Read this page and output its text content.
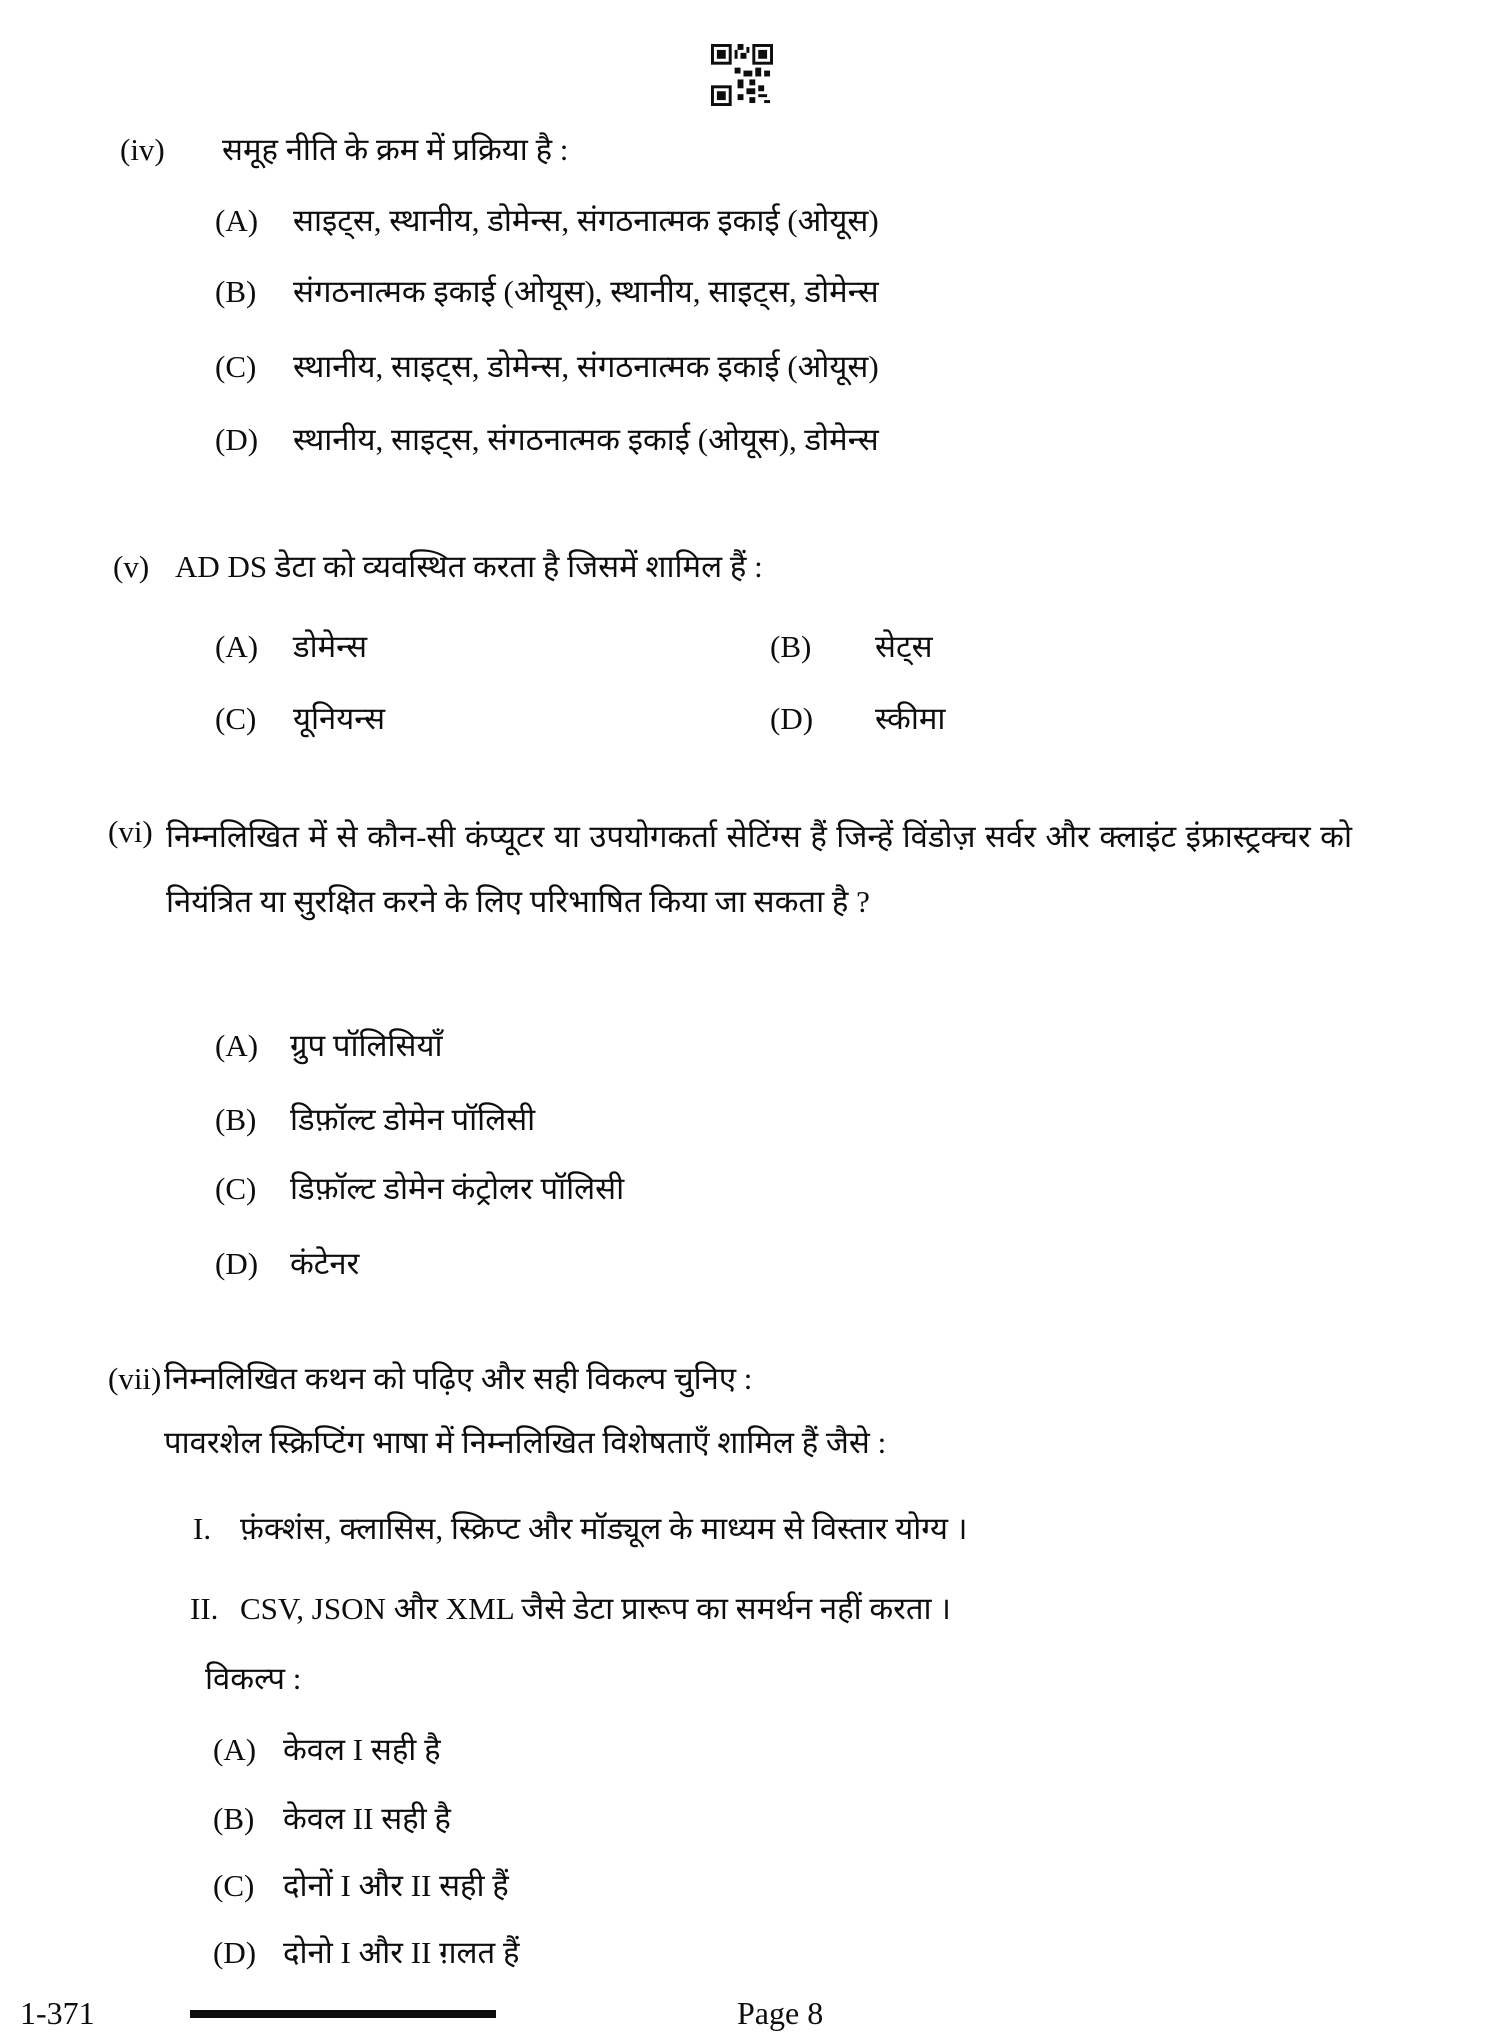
(iv) समूह नीति के क्रम में प्रक्रिया है :
(A) साइट्स, स्थानीय, डोमेन्स, संगठनात्मक इकाई (ओयूस)
(B) संगठनात्मक इकाई (ओयूस), स्थानीय, साइट्स, डोमेन्स
(C) स्थानीय, साइट्स, डोमेन्स, संगठनात्मक इकाई (ओयूस)
(D) स्थानीय, साइट्स, संगठनात्मक इकाई (ओयूस), डोमेन्स
(v) AD DS डेटा को व्यवस्थित करता है जिसमें शामिल हैं :
(A) डोमेन्स	(B) सेट्स
(C) यूनियन्स	(D) स्कीमा
(vi) निम्नलिखित में से कौन-सी कंप्यूटर या उपयोगकर्ता सेटिंग्स हैं जिन्हें विंडोज़ सर्वर और क्लाइंट इंफ्रास्ट्रक्चर को नियंत्रित या सुरक्षित करने के लिए परिभाषित किया जा सकता है ?
(A) ग्रुप पॉलिसियाँ
(B) डिफ़ॉल्ट डोमेन पॉलिसी
(C) डिफ़ॉल्ट डोमेन कंट्रोलर पॉलिसी
(D) कंटेनर
(vii) निम्नलिखित कथन को पढ़िए और सही विकल्प चुनिए :
पावरशेल स्क्रिप्टिंग भाषा में निम्नलिखित विशेषताएँ शामिल हैं जैसे :
I. फ़ंक्शंस, क्लासिस, स्क्रिप्ट और मॉड्यूल के माध्यम से विस्तार योग्य ।
II. CSV, JSON और XML जैसे डेटा प्रारूप का समर्थन नहीं करता ।
विकल्प :
(A) केवल I सही है
(B) केवल II सही है
(C) दोनों I और II सही हैं
(D) दोनो I और II ग़लत हैं
1-371	Page 8
